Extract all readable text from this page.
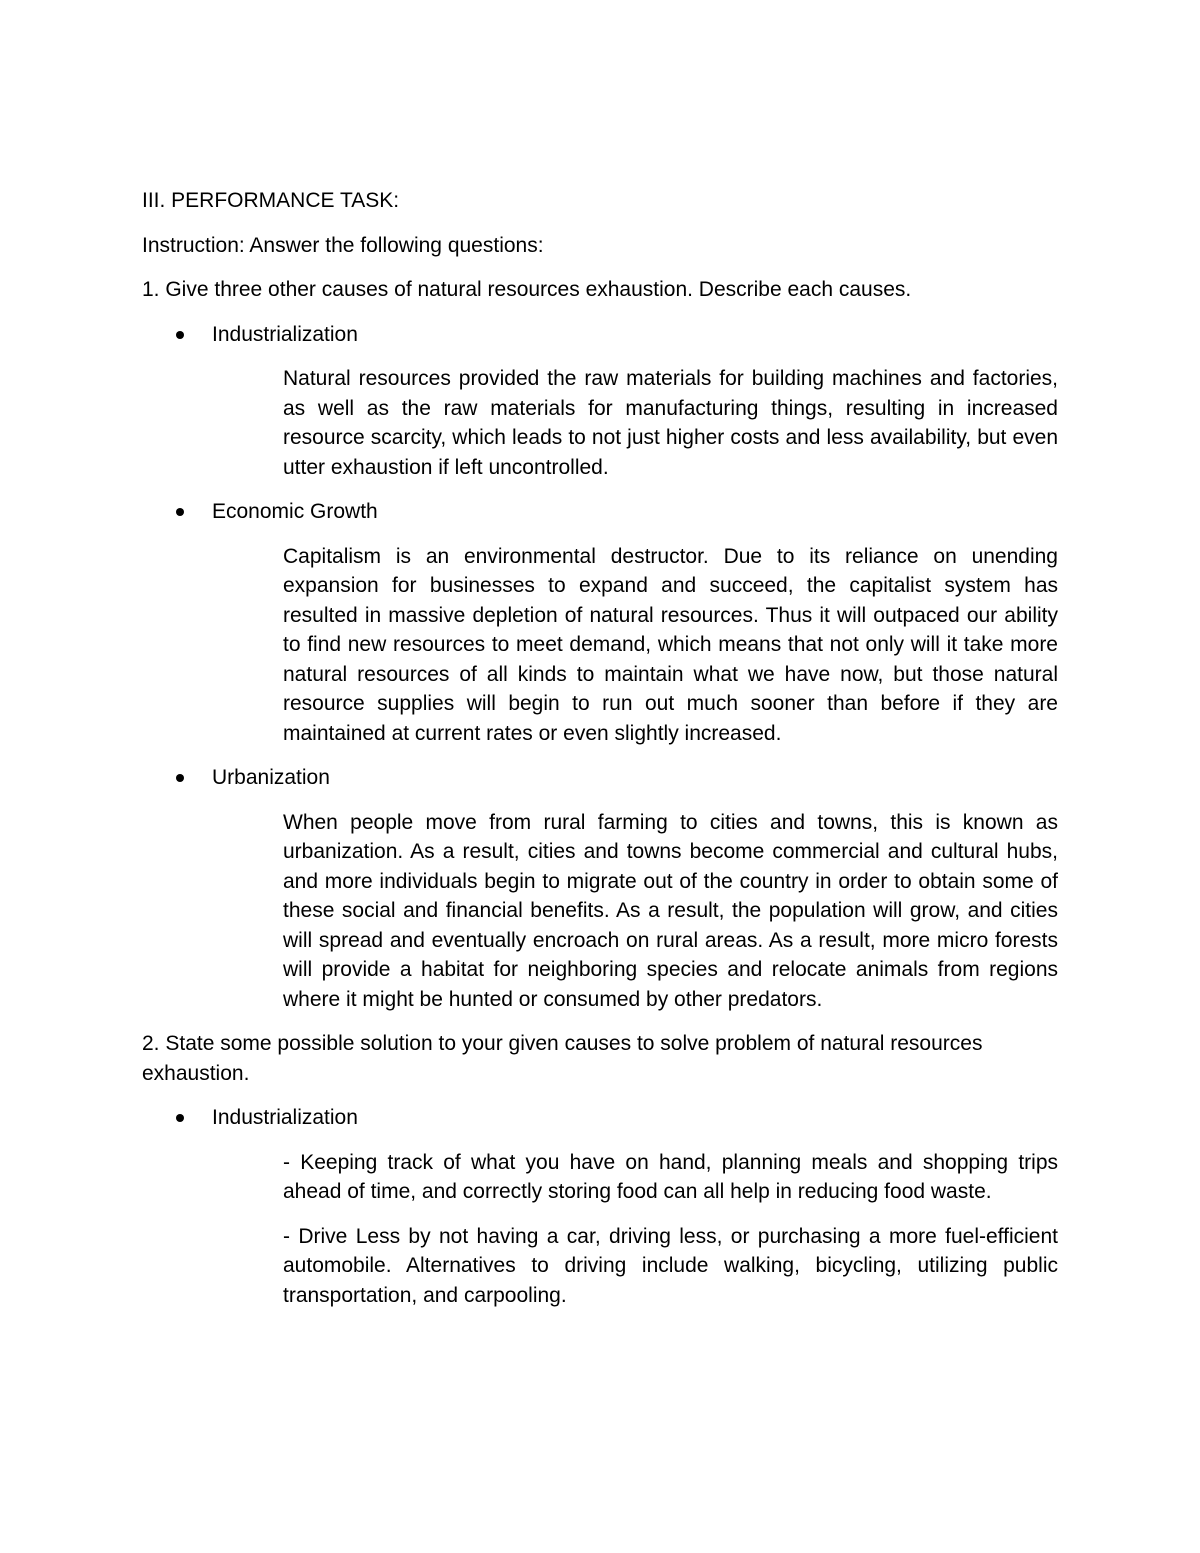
III. PERFORMANCE TASK:

Instruction: Answer the following questions:

1. Give three other causes of natural resources exhaustion. Describe each causes.

Industrialization

Natural resources provided the raw materials for building machines and factories, as well as the raw materials for manufacturing things, resulting in increased resource scarcity, which leads to not just higher costs and less availability, but even utter exhaustion if left uncontrolled.

Economic Growth

Capitalism is an environmental destructor. Due to its reliance on unending expansion for businesses to expand and succeed, the capitalist system has resulted in massive depletion of natural resources. Thus it will outpaced our ability to find new resources to meet demand, which means that not only will it take more natural resources of all kinds to maintain what we have now, but those natural resource supplies will begin to run out much sooner than before if they are maintained at current rates or even slightly increased.

Urbanization

When people move from rural farming to cities and towns, this is known as urbanization. As a result, cities and towns become commercial and cultural hubs, and more individuals begin to migrate out of the country in order to obtain some of these social and financial benefits. As a result, the population will grow, and cities will spread and eventually encroach on rural areas. As a result, more micro forests will provide a habitat for neighboring species and relocate animals from regions where it might be hunted or consumed by other predators.

2. State some possible solution to your given causes to solve problem of natural resources exhaustion.

Industrialization

- Keeping track of what you have on hand, planning meals and shopping trips ahead of time, and correctly storing food can all help in reducing food waste.

- Drive Less by not having a car, driving less, or purchasing a more fuel-efficient automobile. Alternatives to driving include walking, bicycling, utilizing public transportation, and carpooling.
